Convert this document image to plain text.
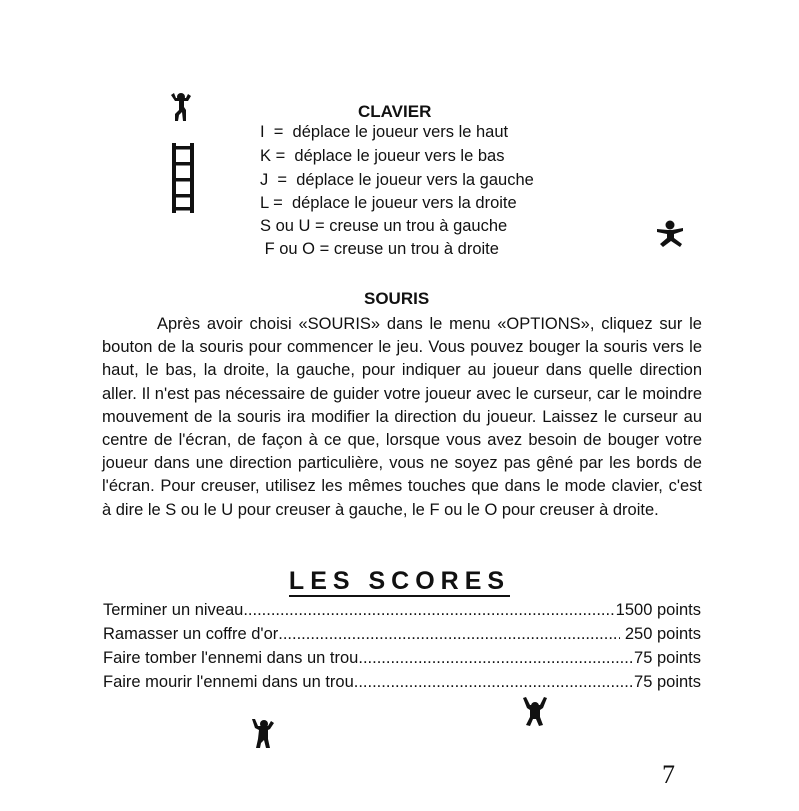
CLAVIER
I  =  déplace le joueur vers le haut
K =  déplace le joueur vers le bas
J  =  déplace le joueur vers la gauche
L =  déplace le joueur vers la droite
S ou U = creuse un trou à gauche
F ou O = creuse un trou à droite
SOURIS
Après avoir choisi «SOURIS» dans le menu «OPTIONS», cliquez sur le bouton de la souris pour commencer le jeu. Vous pouvez bouger la souris vers le haut, le bas, la droite, la gauche, pour indiquer au joueur dans quelle direction aller. Il n'est pas nécessaire de guider votre joueur avec le curseur, car le moindre mouvement de la souris ira modifier la direction du joueur. Laissez le curseur au centre de l'écran, de façon à ce que, lorsque vous avez besoin de bouger votre joueur dans une direction particulière, vous ne soyez pas gêné par les bords de l'écran. Pour creuser, utilisez les mêmes touches que dans le mode clavier, c'est à dire le S ou le U pour creuser à gauche, le F ou le O pour creuser à droite.
LES SCORES
Terminer un niveau .....	1500 points
Ramasser un coffre d'or .....	250 points
Faire tomber l'ennemi dans un trou .....	75 points
Faire mourir l'ennemi dans un trou .....	75 points
7
